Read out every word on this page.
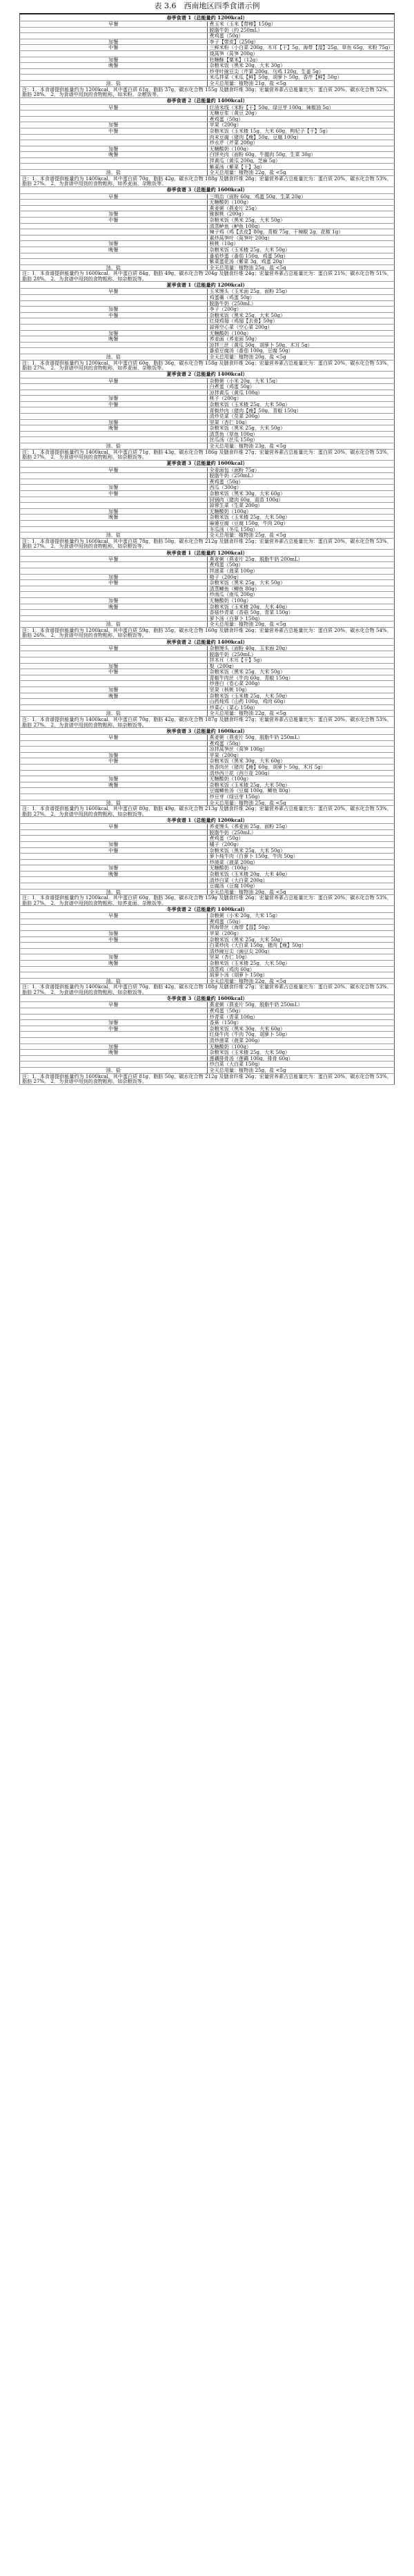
表 3.6　西南地区四季食谱示例
春季食谱 1（总能量约 1200kcal）	
早餐	煮玉米（玉米【带棒】150g）
	脱脂牛奶（约 250mL）
	煮鸡蛋（50g）
加餐	李子【带皮】（250g）
中餐	三鲜米粉（小白菜 200g，木耳【干】5g，海带【湿】25g，草鱼 65g，米粉 75g）
	烧莴笋（莴笋 200g）
加餐	杜糖酥【粟米】（12g）
晚餐	杂粮米饭（黑米 20g，大米 30g）
	炒芽叶豌豆尖（芹菜 200g，乌鸡 120g，生姜 5g）
	米瓜拌菜（米瓜【鲜】50g，胡萝卜 50g，香芹【鲜】50g）
油、盐	全天总用量：植物油 21g，盐 <5g
注：1．本食谱提供能量约为 1200kcal，其中蛋白质 61g，脂肪 37g，碳水化合物 155g 及膳食纤维 38g；宏量营养素占总能量比为：蛋白质 20%，碳水化合物 52%，脂肪 28%。 2．为食谱中用到的食物粗称，如米粉、杂粮饭等。	
春季食谱 2（总能量约 1400kcal）	
早餐	红油米线（米粉【干】50g，绿豆芽 100g，辣椒油 5g）
	无糖豆浆（黄豆 20g）
	煮鸡蛋（50g）
加餐	苹果（200g）
中餐	杂粮米饭（玉米楂 15g，大米 60g，枸杞子【干】5g）
	肉末豆腐（猪肉【瘦】50g，豆腐 100g）
	炒水芹（芹菜 200g）
加餐	无糖酸奶（100g）
晚餐	白饼夹肉（面粉 60g，牛腿肉 50g，生菜 30g）
	拌黄瓜（黄瓜 200g，芝麻 5g）
	紫菜汤（紫菜【干】3g）
油、盐	全天总用量：植物油 22g，盐 <5g
注：1．本食谱提供能量约为 1400kcal，其中蛋白质 70g，脂肪 42g，碳水化合物 188g 及膳食纤维 28g；宏量营养素占总能量比为：蛋白质 20%，碳水化合物 53%，脂肪 27%。 2．为食谱中用到的食物粗称，如荞麦面、杂粮饭等。	
春季食谱 3（总能量约 1600kcal）	
早餐	三明治（面粉 60g，鸡蛋 50g，生菜 20g）
	无糖酸奶（100g）
	燕麦粥（燕麦片 25g）
加餐	猕猴桃（200g）
中餐	杂粮米饭（黑米 25g，大米 50g）
	清蒸鲈鱼（鲈鱼 100g）
	辣子鸡（鸡【去皮】80g，青椒 75g，干辣椒 2g，花椒 1g）
	素炒莴笋叶（莴笋叶 200g）
加餐	核桃（10g）
晚餐	杂粮米饭（玉米楂 25g，大米 50g）
	番茄炒蛋（番茄 150g，鸡蛋 50g）
	紫菜蛋花汤（紫菜 3g，鸡蛋 20g）
油、盐	全天总用量：植物油 25g，盐 <5g
注：1．本食谱提供能量约为 1600kcal，其中蛋白质 84g，脂肪 49g，碳水化合物 204g 及膳食纤维 24g；宏量营养素占总能量比为：蛋白质 21%，碳水化合物 51%，脂肪 28%。 2．为食谱中用到的食物粗称，如杂粮饭等。	
夏季食谱 1（总能量约 1200kcal）	
早餐	玉米馒头（玉米面 25g，面粉 25g）
	鸡蛋羹（鸡蛋 50g）
	脱脂牛奶（250mL）
加餐	李子（200g）
中餐	杂粮米饭（黑米 25g，大米 50g）
	红烧鸡翅（鸡翅【去骨】50g）
	蒜蓉空心菜（空心菜 200g）
加餐	无糖酸奶（100g）
晚餐	荞麦面（荞麦面 50g）
	凉拌三丝（黄瓜 50g，胡萝卜 50g，木耳 5g）
	番茄豆腐汤（番茄 100g，豆腐 50g）
油、盐	全天总用量：植物油 20g，盐 <5g
注：1．本食谱提供能量约为 1200kcal，其中蛋白质 60g，脂肪 36g，碳水化合物 158g 及膳食纤维 26g；宏量营养素占总能量比为：蛋白质 20%，碳水化合物 53%，脂肪 27%。 2．为食谱中用到的食物粗称，如荞麦面、杂粮饭等。	
夏季食谱 2（总能量约 1400kcal）	
早餐	杂粮粥（小米 20g，大米 15g）
	白煮蛋（鸡蛋 50g）
	凉拌黄瓜（黄瓜 100g）
加餐	桃子（200g）
中餐	杂粮米饭（玉米楂 25g，大米 50g）
	青椒炒肉（猪肉【瘦】50g，青椒 150g）
	清炒苋菜（苋菜 200g）
加餐	坚果（杏仁 10g）
晚餐	杂粮米饭（黑米 25g，大米 50g）
	清蒸鱼（草鱼 100g）
	丝瓜汤（丝瓜 150g）
油、盐	全天总用量：植物油 23g，盐 <5g
注：1．本食谱提供能量约为 1400kcal，其中蛋白质 71g，脂肪 43g，碳水化合物 186g 及膳食纤维 27g；宏量营养素占总能量比为：蛋白质 20%，碳水化合物 53%，脂肪 27%。 2．为食谱中用到的食物粗称，如杂粮饭等。	
夏季食谱 3（总能量约 1600kcal）	
早餐	全麦面包（面粉 75g）
	脱脂牛奶（250mL）
	煮鸡蛋（50g）
加餐	西瓜（300g）
中餐	杂粮米饭（黑米 30g，大米 60g）
	回锅肉（猪肉 60g，蒜苗 100g）
	蒜蓉生菜（生菜 200g）
加餐	无糖酸奶（100g）
晚餐	杂粮米饭（玉米楂 25g，大米 50g）
	麻婆豆腐（豆腐 150g，牛肉 20g）
	冬瓜汤（冬瓜 150g）
油、盐	全天总用量：植物油 25g，盐 <5g
注：1．本食谱提供能量约为 1600kcal，其中蛋白质 78g，脂肪 50g，碳水化合物 212g 及膳食纤维 25g；宏量营养素占总能量比为：蛋白质 20%，碳水化合物 53%，脂肪 27%。 2．为食谱中用到的食物粗称，如杂粮饭等。	
秋季食谱 1（总能量约 1200kcal）	
早餐	燕麦粥（燕麦片 25g，脱脂牛奶 200mL）
	煮鸡蛋（50g）
	拌菠菜（菠菜 100g）
加餐	橙子（200g）
中餐	杂粮米饭（黑米 25g，大米 50g）
	清蒸鲫鱼（鲫鱼 80g）
	炒南瓜（南瓜 200g）
加餐	无糖酸奶（100g）
晚餐	杂粮米饭（玉米楂 20g，大米 40g）
	香菇炒青菜（香菇 50g，青菜 150g）
	萝卜汤（白萝卜 150g）
油、盐	全天总用量：植物油 20g，盐 <5g
注：1．本食谱提供能量约为 1200kcal，其中蛋白质 59g，脂肪 35g，碳水化合物 160g 及膳食纤维 26g；宏量营养素占总能量比为：蛋白质 20%，碳水化合物 54%，脂肪 26%。 2．为食谱中用到的食物粗称，如杂粮饭等。	
秋季食谱 2（总能量约 1400kcal）	
早餐	杂粮馒头（面粉 40g，玉米面 20g）
	脱脂牛奶（250mL）
	拌木耳（木耳【干】5g）
加餐	梨（200g）
中餐	杂粮米饭（黑米 25g，大米 50g）
	青椒牛肉丝（牛肉 60g，青椒 150g）
	炒莲白（卷心菜 200g）
加餐	坚果（核桃 10g）
晚餐	杂粮米饭（玉米楂 25g，大米 50g）
	山药炖鸡（山药 100g，鸡肉 60g）
	炒菜心（菜心 150g）
油、盐	全天总用量：植物油 22g，盐 <5g
注：1．本食谱提供能量约为 1400kcal，其中蛋白质 70g，脂肪 42g，碳水化合物 187g 及膳食纤维 27g；宏量营养素占总能量比为：蛋白质 20%，碳水化合物 53%，脂肪 27%。 2．为食谱中用到的食物粗称，如杂粮饭等。	
秋季食谱 3（总能量约 1600kcal）	
早餐	燕麦粥（燕麦片 50g，脱脂牛奶 250mL）
	煮鸡蛋（50g）
	凉拌莴笋丝（莴笋 100g）
加餐	苹果（200g）
中餐	杂粮米饭（黑米 30g，大米 60g）
	鱼香肉丝（猪肉【瘦】60g，胡萝卜 50g，木耳 5g）
	清炒西兰花（西兰花 200g）
加餐	无糖酸奶（100g）
晚餐	杂粮米饭（玉米楂 25g，大米 50g）
	豆腐鲫鱼汤（豆腐 100g，鲫鱼 80g）
	炒豆芽（绿豆芽 150g）
油、盐	全天总用量：植物油 25g，盐 <5g
注：1．本食谱提供能量约为 1600kcal，其中蛋白质 80g，脂肪 49g，碳水化合物 213g 及膳食纤维 26g；宏量营养素占总能量比为：蛋白质 20%，碳水化合物 53%，脂肪 27%。 2．为食谱中用到的食物粗称，如杂粮饭等。	
冬季食谱 1（总能量约 1200kcal）	
早餐	荞麦馒头（荞麦面 25g，面粉 25g）
	脱脂牛奶（250mL）
	煮鸡蛋（50g）
加餐	橘子（200g）
中餐	杂粮米饭（黑米 25g，大米 50g）
	萝卜炖牛肉（白萝卜 150g，牛肉 50g）
	炒菠菜（菠菜 200g）
加餐	无糖酸奶（100g）
晚餐	杂粮米饭（玉米楂 20g，大米 40g）
	清炒白菜（大白菜 200g）
	豆腐汤（豆腐 100g）
油、盐	全天总用量：植物油 20g，盐 <5g
注：1．本食谱提供能量约为 1200kcal，其中蛋白质 60g，脂肪 36g，碳水化合物 159g 及膳食纤维 26g；宏量营养素占总能量比为：蛋白质 20%，碳水化合物 53%，脂肪 27%。 2．为食谱中用到的食物粗称，如荞麦面、杂粮饭等。	
冬季食谱 2（总能量约 1400kcal）	
早餐	杂粮粥（小米 20g，大米 15g）
	煮鸡蛋（50g）
	拌海带丝（海带【湿】50g）
加餐	苹果（200g）
中餐	杂粮米饭（黑米 25g，大米 50g）
	白菜炒肉（大白菜 150g，猪肉【瘦】50g）
	清炒豌豆尖（豌豆尖 200g）
加餐	坚果（杏仁 10g）
晚餐	杂粮米饭（玉米楂 25g，大米 50g）
	清蒸鸡（鸡肉 60g）
	胡萝卜汤（胡萝卜 150g）
油、盐	全天总用量：植物油 22g，盐 <5g
注：1．本食谱提供能量约为 1400kcal，其中蛋白质 70g，脂肪 42g，碳水化合物 188g 及膳食纤维 27g；宏量营养素占总能量比为：蛋白质 20%，碳水化合物 53%，脂肪 27%。 2．为食谱中用到的食物粗称，如杂粮饭等。	
冬季食谱 3（总能量约 1600kcal）	
早餐	燕麦粥（燕麦片 50g，脱脂牛奶 250mL）
	煮鸡蛋（50g）
	炒青菜（青菜 100g）
加餐	香蕉（150g）
中餐	杂粮米饭（黑米 30g，大米 60g）
	红烧牛肉（牛肉 70g，胡萝卜 50g）
	清炒菠菜（菠菜 200g）
加餐	无糖酸奶（100g）
晚餐	杂粮米饭（玉米楂 25g，大米 50g）
	莲藕排骨汤（莲藕 100g，排骨 60g）
	炒白菜（大白菜 150g）
油、盐	全天总用量：植物油 25g，盐 <5g
注：1．本食谱提供能量约为 1600kcal，其中蛋白质 81g，脂肪 50g，碳水化合物 212g 及膳食纤维 26g；宏量营养素占总能量比为：蛋白质 20%，碳水化合物 53%，脂肪 27%。 2．为食谱中用到的食物粗称，如杂粮饭等。	
